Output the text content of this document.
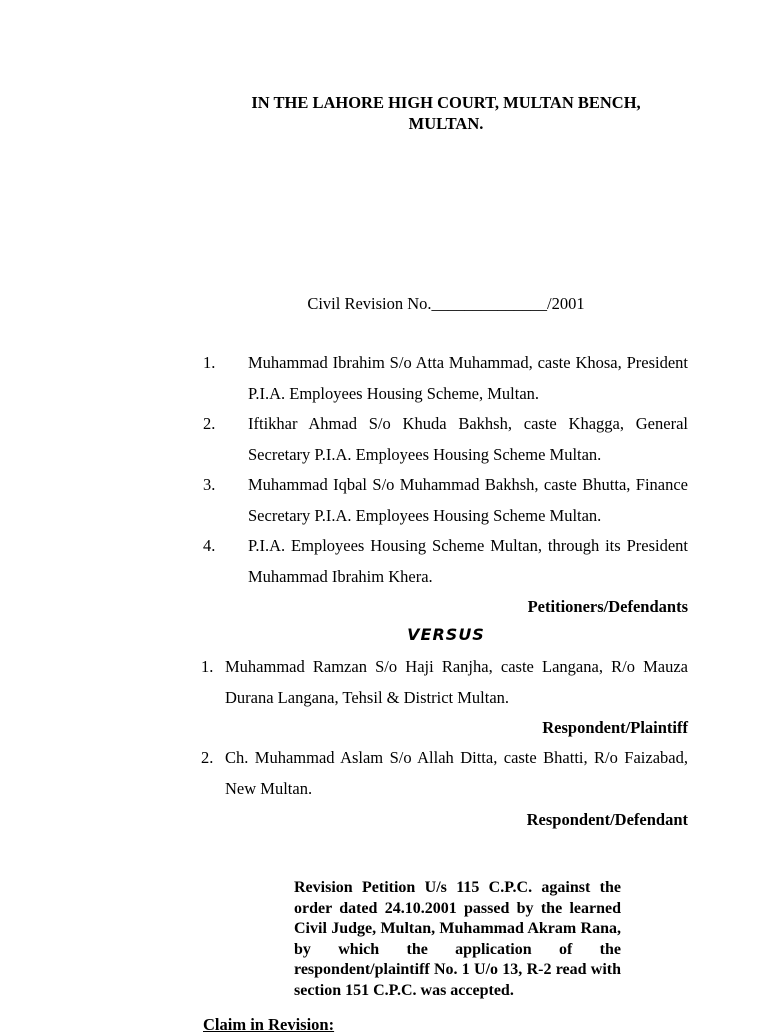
IN THE LAHORE HIGH COURT, MULTAN BENCH,
MULTAN.
Civil Revision No.______________/2001
1. Muhammad Ibrahim S/o Atta Muhammad, caste Khosa, President P.I.A. Employees Housing Scheme, Multan.
2. Iftikhar Ahmad S/o Khuda Bakhsh, caste Khagga, General Secretary P.I.A. Employees Housing Scheme Multan.
3. Muhammad Iqbal S/o Muhammad Bakhsh, caste Bhutta, Finance Secretary P.I.A. Employees Housing Scheme Multan.
4. P.I.A. Employees Housing Scheme Multan, through its President Muhammad Ibrahim Khera.
Petitioners/Defendants
VERSUS
1. Muhammad Ramzan S/o Haji Ranjha, caste Langana, R/o Mauza Durana Langana, Tehsil & District Multan.
Respondent/Plaintiff
2. Ch. Muhammad Aslam S/o Allah Ditta, caste Bhatti, R/o Faizabad, New Multan.
Respondent/Defendant
Revision Petition U/s 115 C.P.C. against the order dated 24.10.2001 passed by the learned Civil Judge, Multan, Muhammad Akram Rana, by which the application of the respondent/plaintiff No. 1 U/o 13, R-2 read with section 151 C.P.C. was accepted.
Claim in Revision:
